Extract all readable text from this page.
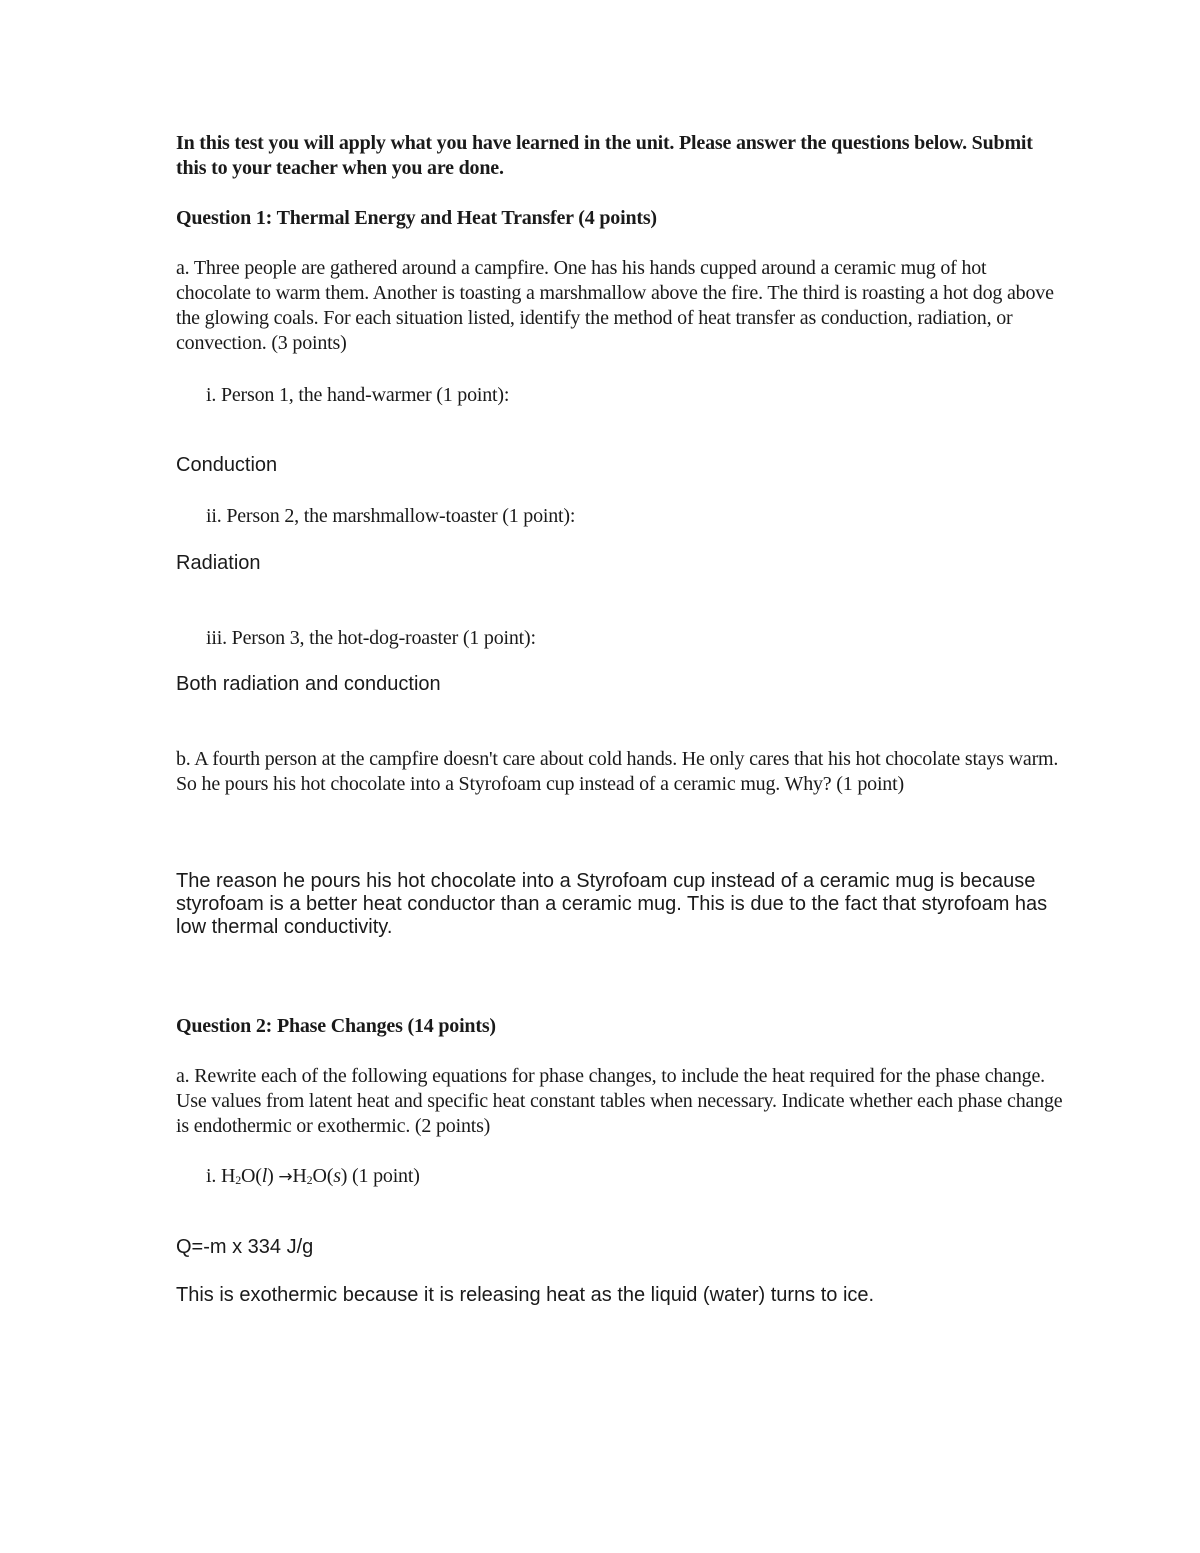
In this test you will apply what you have learned in the unit. Please answer the questions below. Submit this to your teacher when you are done.

Question 1: Thermal Energy and Heat Transfer (4 points)

a. Three people are gathered around a campfire. One has his hands cupped around a ceramic mug of hot chocolate to warm them. Another is toasting a marshmallow above the fire. The third is roasting a hot dog above the glowing coals. For each situation listed, identify the method of heat transfer as conduction, radiation, or convection. (3 points)

i. Person 1, the hand-warmer (1 point):

Conduction

ii. Person 2, the marshmallow-toaster (1 point):

Radiation

iii. Person 3, the hot-dog-roaster (1 point):

Both radiation and conduction

b. A fourth person at the campfire doesn't care about cold hands. He only cares that his hot chocolate stays warm. So he pours his hot chocolate into a Styrofoam cup instead of a ceramic mug. Why? (1 point)

The reason he pours his hot chocolate into a Styrofoam cup instead of a ceramic mug is because styrofoam is a better heat conductor than a ceramic mug. This is due to the fact that styrofoam has low thermal conductivity.

Question 2: Phase Changes (14 points)

a. Rewrite each of the following equations for phase changes, to include the heat required for the phase change. Use values from latent heat and specific heat constant tables when necessary. Indicate whether each phase change is endothermic or exothermic. (2 points)

i. $H_2O(l) \to H_2O(s)$ (1 point)

Q=-m x 334 J/g

This is exothermic because it is releasing heat as the liquid (water) turns to ice.
